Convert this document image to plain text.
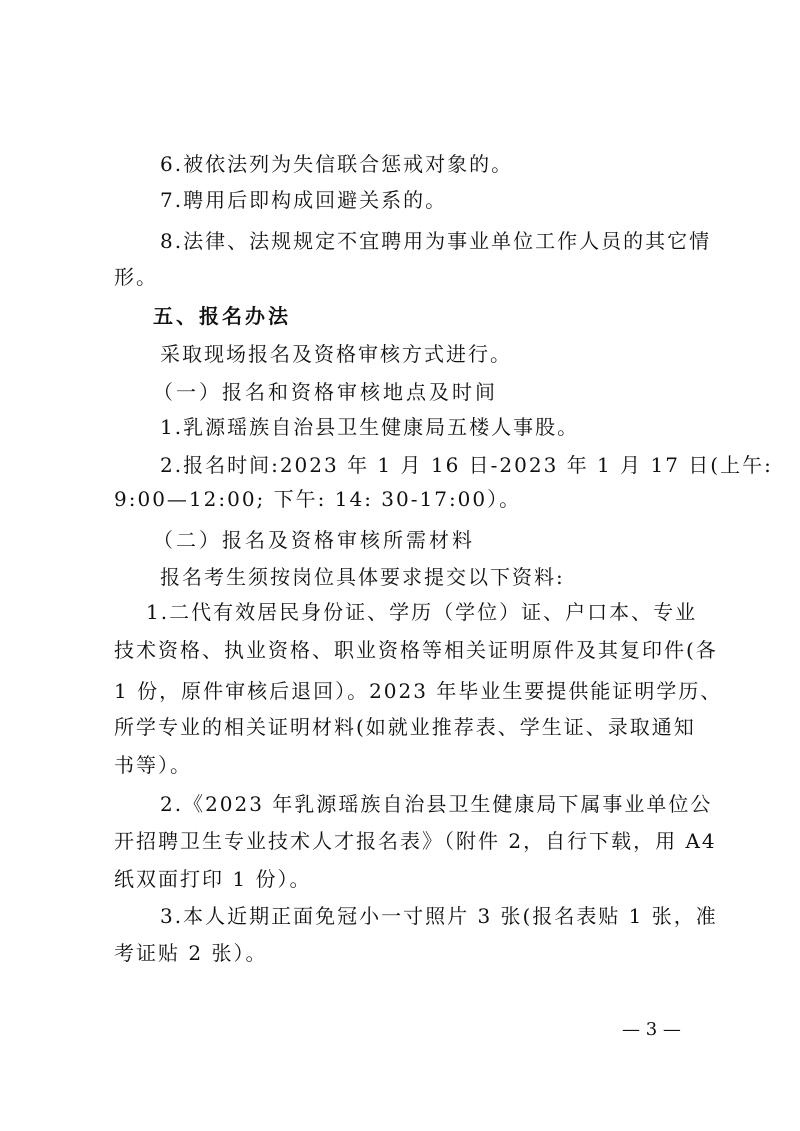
6.被依法列为失信联合惩戒对象的。
7.聘用后即构成回避关系的。
8.法律、法规规定不宜聘用为事业单位工作人员的其它情
形。
五、报名办法
采取现场报名及资格审核方式进行。
（一）报名和资格审核地点及时间
1.乳源瑶族自治县卫生健康局五楼人事股。
2.报名时间:2023 年 1 月 16 日-2023 年 1 月 17 日(上午:
9:00—12:00; 下午: 14: 30-17:00）。
（二）报名及资格审核所需材料
报名考生须按岗位具体要求提交以下资料:
1.二代有效居民身份证、学历（学位）证、户口本、专业
技术资格、执业资格、职业资格等相关证明原件及其复印件(各
1 份，原件审核后退回）。2023 年毕业生要提供能证明学历、
所学专业的相关证明材料(如就业推荐表、学生证、录取通知
书等）。
2.《2023 年乳源瑶族自治县卫生健康局下属事业单位公
开招聘卫生专业技术人才报名表》（附件 2，自行下载，用 A4
纸双面打印 1 份）。
3.本人近期正面免冠小一寸照片 3 张(报名表贴 1 张，准
考证贴 2 张）。
— 3 —
